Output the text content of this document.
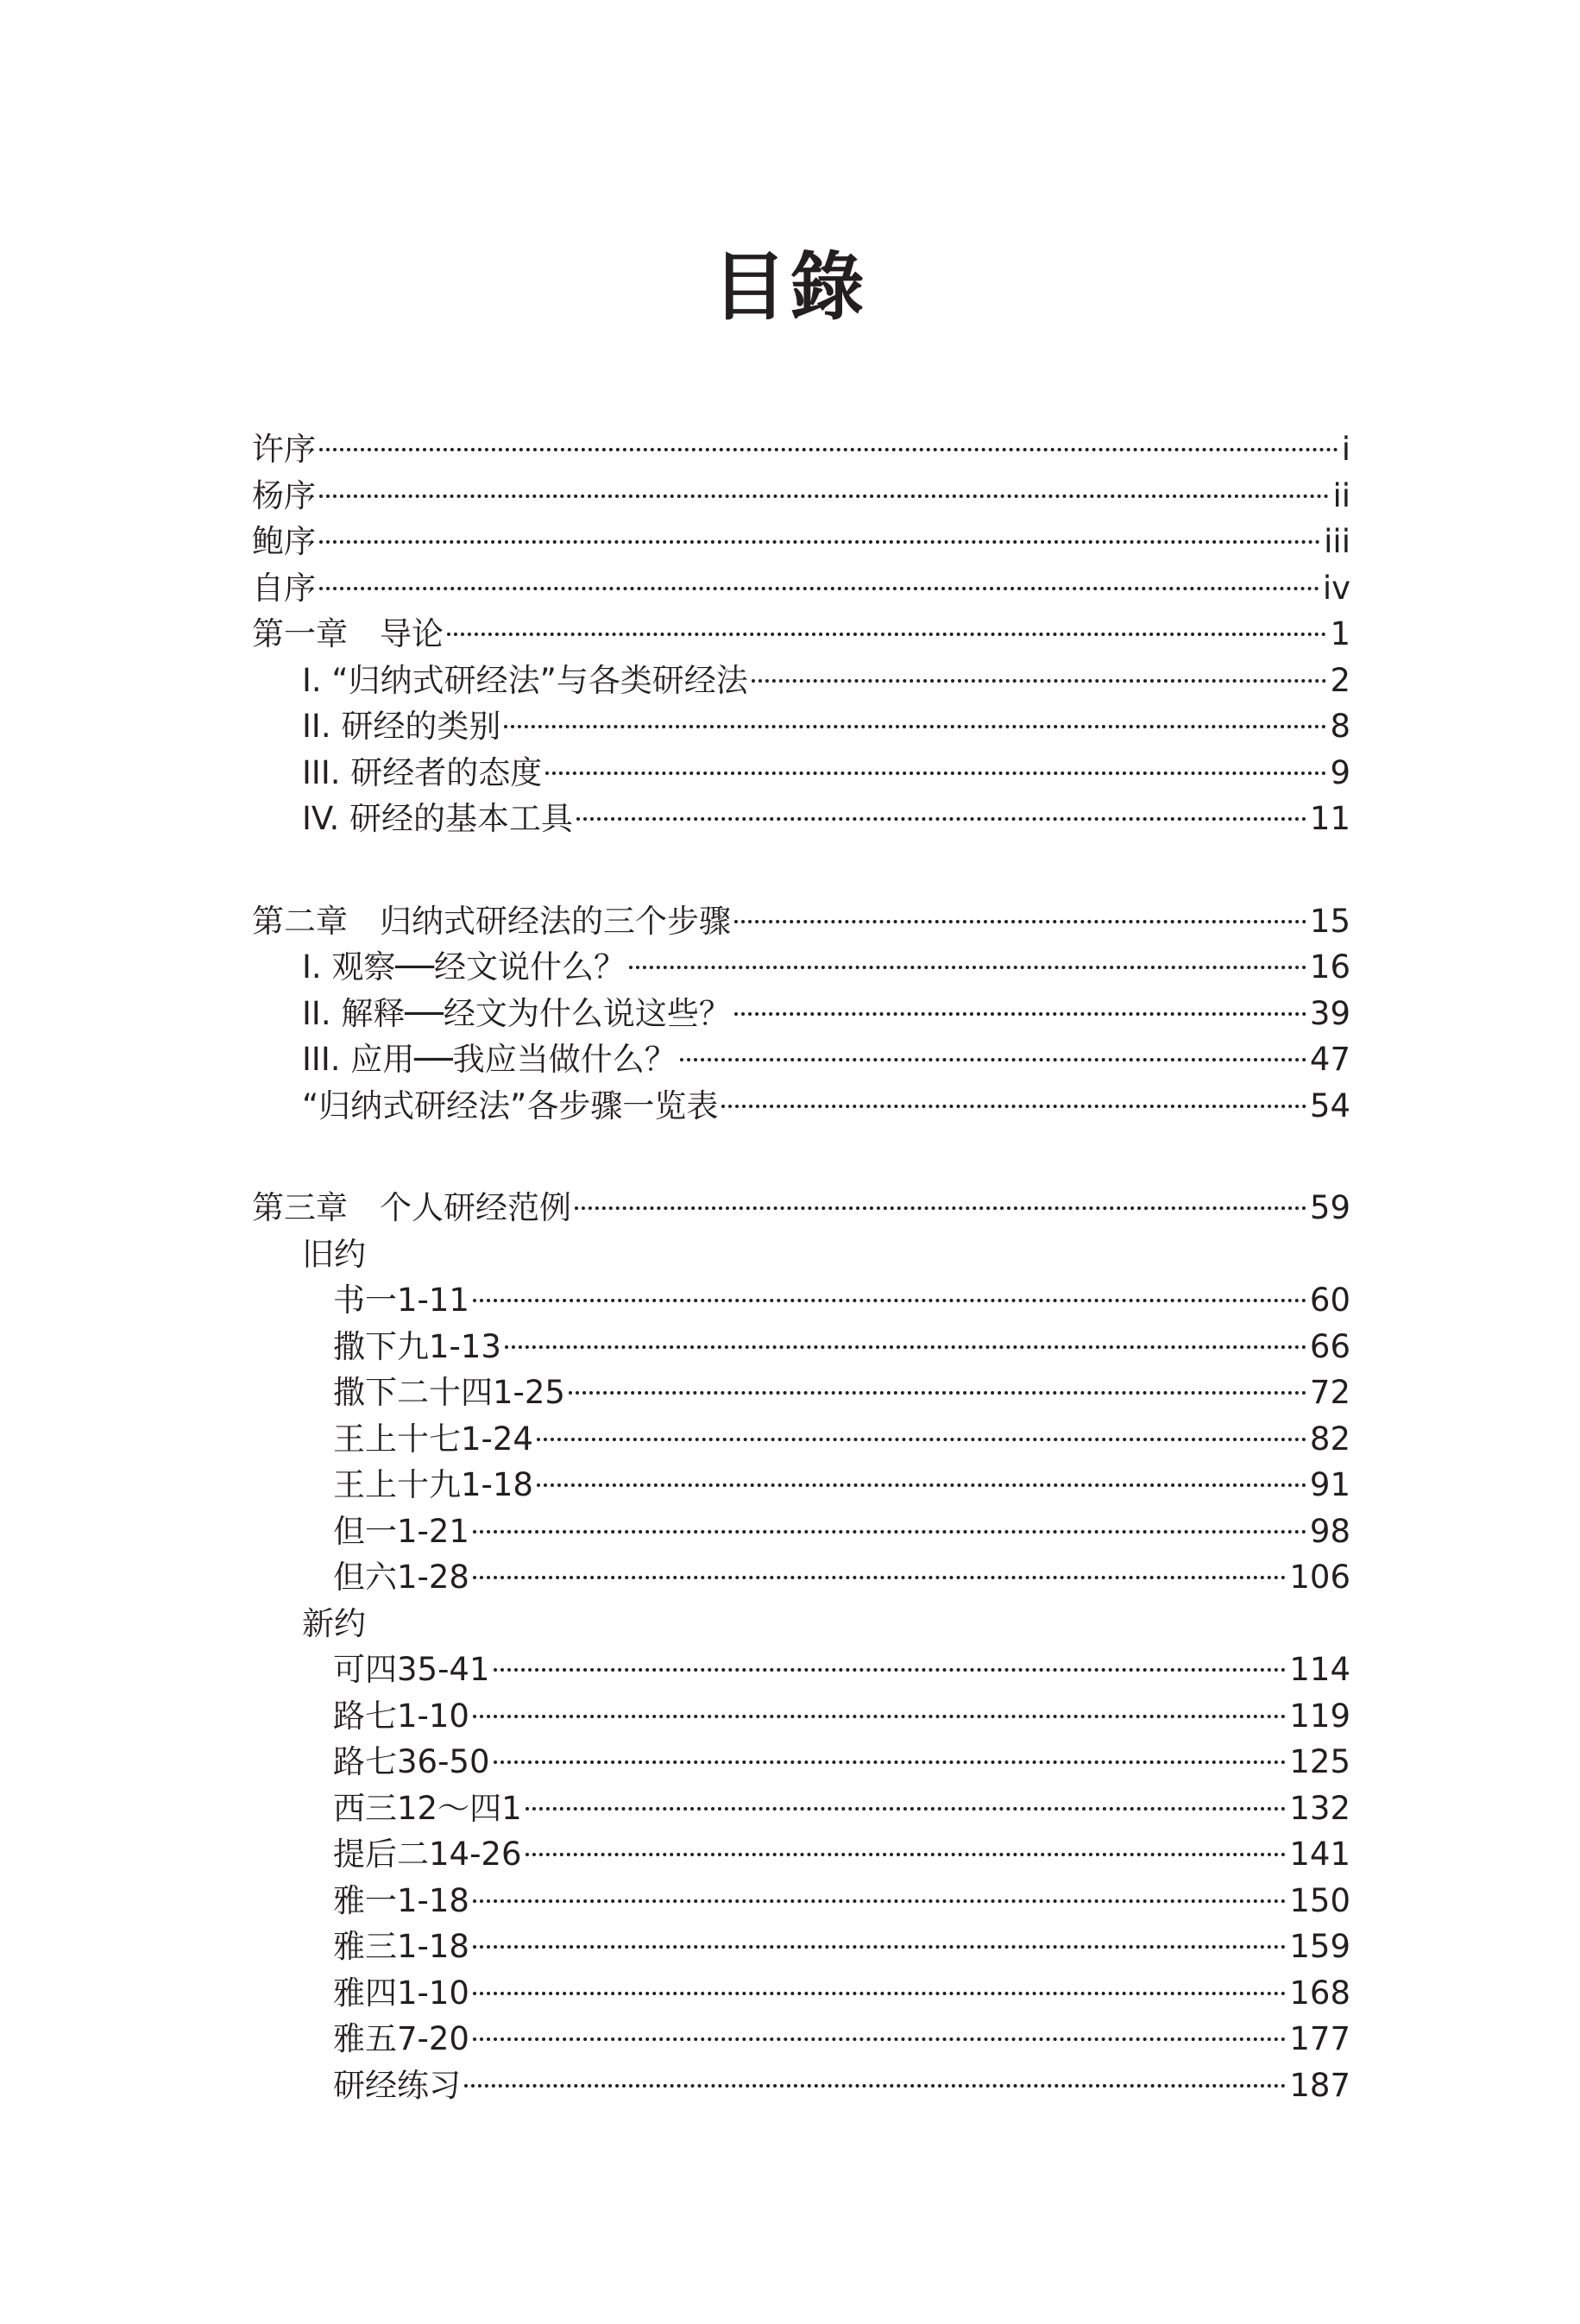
目錄
许序	i
杨序	ii
鲍序	iii
自序	iv
第一章　导论	1
I. “归纳式研经法”与各类研经法	2
II. 研经的类别	8
III. 研经者的态度	9
IV. 研经的基本工具	11
第二章　归纳式研经法的三个步骤	15
I. 观察──经文说什么？	16
II. 解释──经文为什么说这些？	39
III. 应用──我应当做什么？	47
“归纳式研经法”各步骤一览表	54
第三章　个人研经范例	59
旧约
书一1-11	60
撒下九1-13	66
撒下二十四1-25	72
王上十七1-24	82
王上十九1-18	91
但一1-21	98
但六1-28	106
新约
可四35-41	114
路七1-10	119
路七36-50	125
西三12～四1	132
提后二14-26	141
雅一1-18	150
雅三1-18	159
雅四1-10	168
雅五7-20	177
研经练习	187
